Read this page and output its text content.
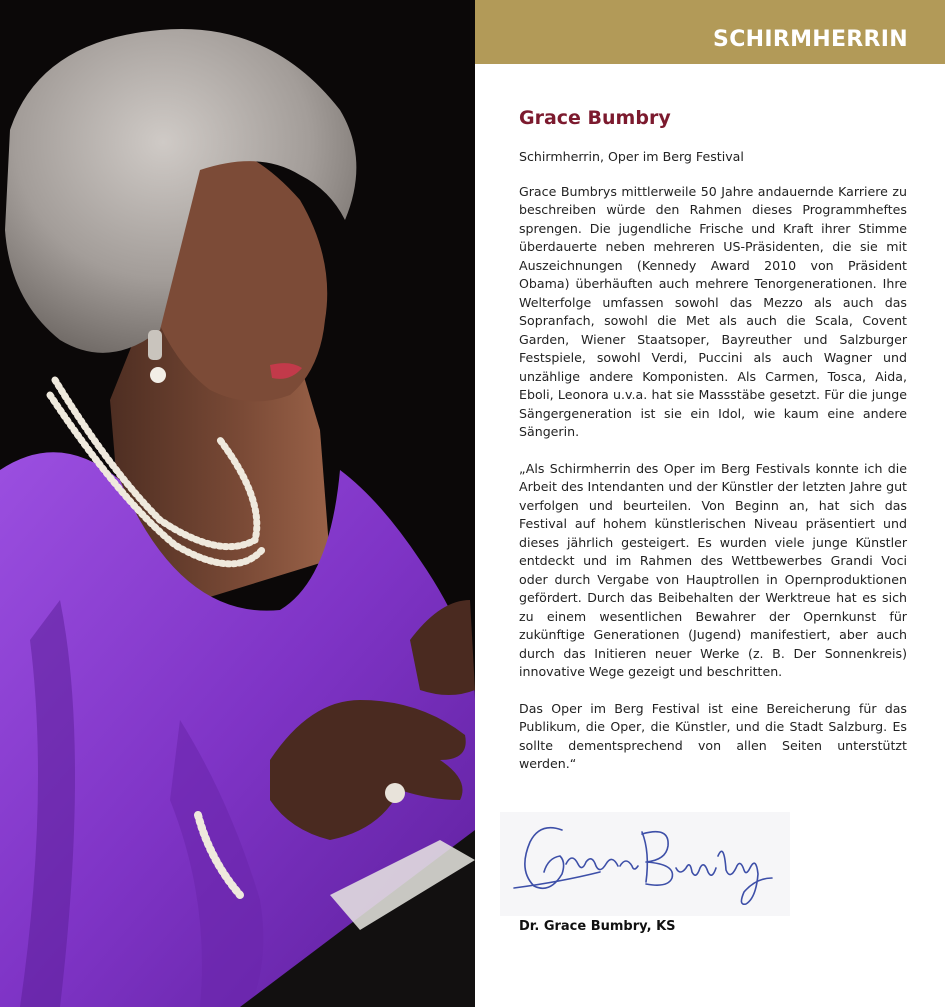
SCHIRMHERRIN
Grace Bumbry

Schirmherrin, Oper im Berg Festival

Grace Bumbrys mittlerweile 50 Jahre andauernde Karriere zu beschreiben würde den Rahmen dieses Programmheftes sprengen. Die jugendliche Frische und Kraft ihrer Stimme überdauerte neben mehreren US-Präsidenten, die sie mit Auszeichnungen (Kennedy Award 2010 von Präsident Obama) überhäuften auch mehrere Tenorgenerationen. Ihre Welterfolge umfassen sowohl das Mezzo als auch das Sopranfach, sowohl die Met als auch die Scala, Covent Garden, Wiener Staatsoper, Bayreuther und Salzburger Festspiele, sowohl Verdi, Puccini als auch Wagner und unzählige andere Komponisten. Als Carmen, Tosca, Aida, Eboli, Leonora u.v.a. hat sie Massstäbe gesetzt. Für die junge Sängergeneration ist sie ein Idol, wie kaum eine andere Sängerin.

„Als Schirmherrin des Oper im Berg Festivals konnte ich die Arbeit des Intendanten und der Künstler der letzten Jahre gut verfolgen und beurteilen. Von Beginn an, hat sich das Festival auf hohem künstlerischen Niveau präsentiert und dieses jährlich gesteigert. Es wurden viele junge Künstler entdeckt und im Rahmen des Wettbewerbes Grandi Voci oder durch Vergabe von Hauptrollen in Opernproduktionen gefördert. Durch das Beibehalten der Werktreue hat es sich zu einem wesentlichen Bewahrer der Opernkunst für zukünftige Generationen (Jugend) manifestiert, aber auch durch das Initieren neuer Werke (z. B. Der Sonnenkreis) innovative Wege gezeigt und beschritten.

Das Oper im Berg Festival ist eine Bereicherung für das Publikum, die Oper, die Künstler, und die Stadt Salzburg. Es sollte dementsprechend von allen Seiten unterstützt werden.“

Dr. Grace Bumbry, KS
